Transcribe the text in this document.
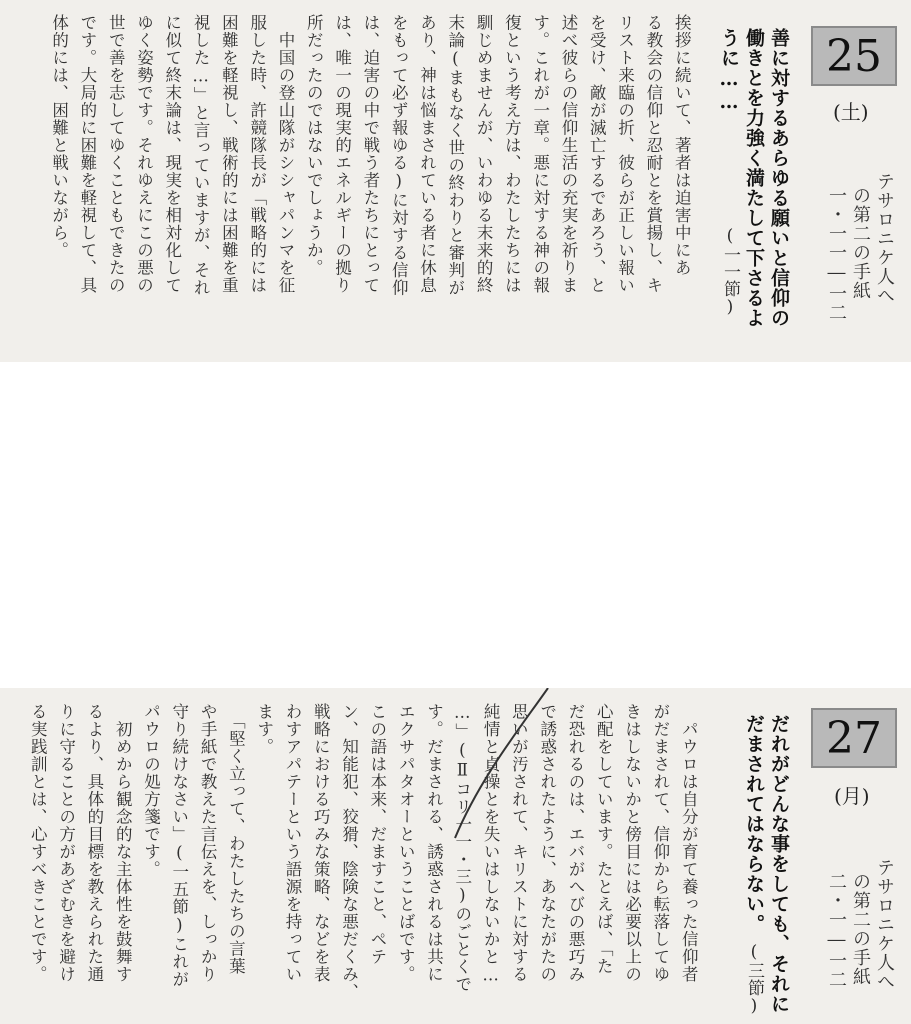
25
(土)
テサロニケ人へ
の第二の手紙
一・一一―一二
善に対するあらゆる願いと信仰の
働きとを力強く満たして下さるよ
うに……
(一一節)
挨拶に続いて、著者は迫害中にあ
る教会の信仰と忍耐とを賞揚し、キ
リスト来臨の折、彼らが正しい報い
を受け、敵が滅亡するであろう、と
述べ彼らの信仰生活の充実を祈りま
す。これが一章。悪に対する神の報
復という考え方は、わたしたちには
馴じめませんが、いわゆる末来的終
末論(まもなく世の終わりと審判が
あり、神は悩まされている者に休息
をもって必ず報ゆる)に対する信仰
は、迫害の中で戦う者たちにとって
は、唯一の現実的エネルギーの拠り
所だったのではないでしょうか。
　中国の登山隊がシシャパンマを征
服した時、許競隊長が「戦略的には
困難を軽視し、戦術的には困難を重
視した…」と言っていますが、それ
に似て終末論は、現実を相対化して
ゆく姿勢です。それゆえにこの悪の
世で善を志してゆくこともできたの
です。大局的に困難を軽視して、具
体的には、困難と戦いながら。
27
(月)
テサロニケ人へ
の第二の手紙
二・一―一二
だれがどんな事をしても、それに
だまされてはならない。
(三節)
　パウロは自分が育て養った信仰者
がだまされて、信仰から転落してゆ
きはしないかと傍目には必要以上の
心配をしています。たとえば、「た
だ恐れるのは、エバがへびの悪巧み
で誘惑されたように、あなたがたの
思いが汚されて、キリストに対する
純情と貞操とを失いはしないかと…
…」(Ⅱコリ一一・三)のごとくで
す。だまされる、誘惑されるは共に
エクサパタオーということばです。
この語は本来、だますこと、ペテ
ン、知能犯、狡猾、陰険な悪だくみ、
戦略における巧みな策略、などを表
わすアパテーという語源を持ってい
ます。
　「堅く立って、わたしたちの言葉
や手紙で教えた言伝えを、しっかり
守り続けなさい」(一五節)これが
パウロの処方箋です。
　初めから観念的な主体性を鼓舞す
るより、具体的目標を教えられた通
りに守ることの方があざむきを避け
る実践訓とは、心すべきことです。
